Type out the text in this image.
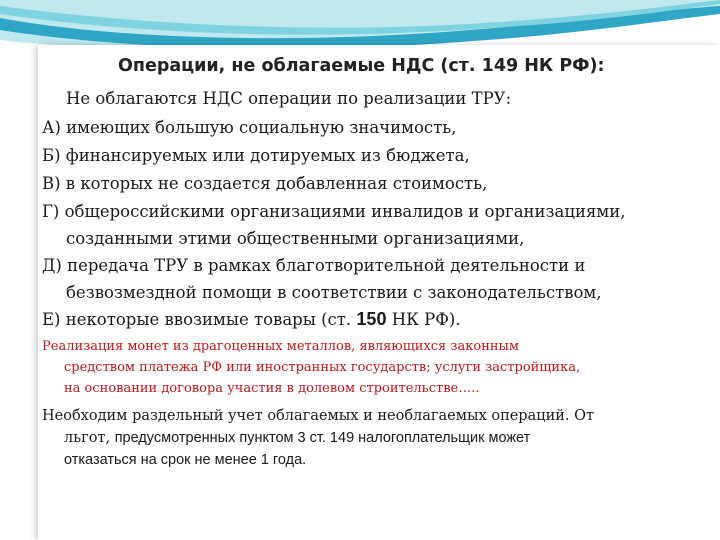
Операции, не облагаемые НДС (ст. 149 НК РФ):
Не облагаются НДС операции по реализации ТРУ:
А) имеющих большую социальную значимость,
Б) финансируемых или дотируемых из бюджета,
В) в которых не создается добавленная стоимость,
Г) общероссийскими организациями инвалидов и организациями,
созданными этими общественными организациями,
Д) передача ТРУ в рамках благотворительной деятельности и
безвозмездной помощи в соответствии с законодательством,
Е) некоторые ввозимые товары (ст. 150 НК РФ).
Реализация монет из драгоценных металлов, являющихся законным
средством платежа РФ или иностранных государств; услуги застройщика,
на основании договора участия в долевом строительстве…..
Необходим раздельный учет облагаемых и необлагаемых операций. От
льгот, предусмотренных пунктом 3 ст. 149 налогоплательщик может
отказаться на срок не менее 1 года.
